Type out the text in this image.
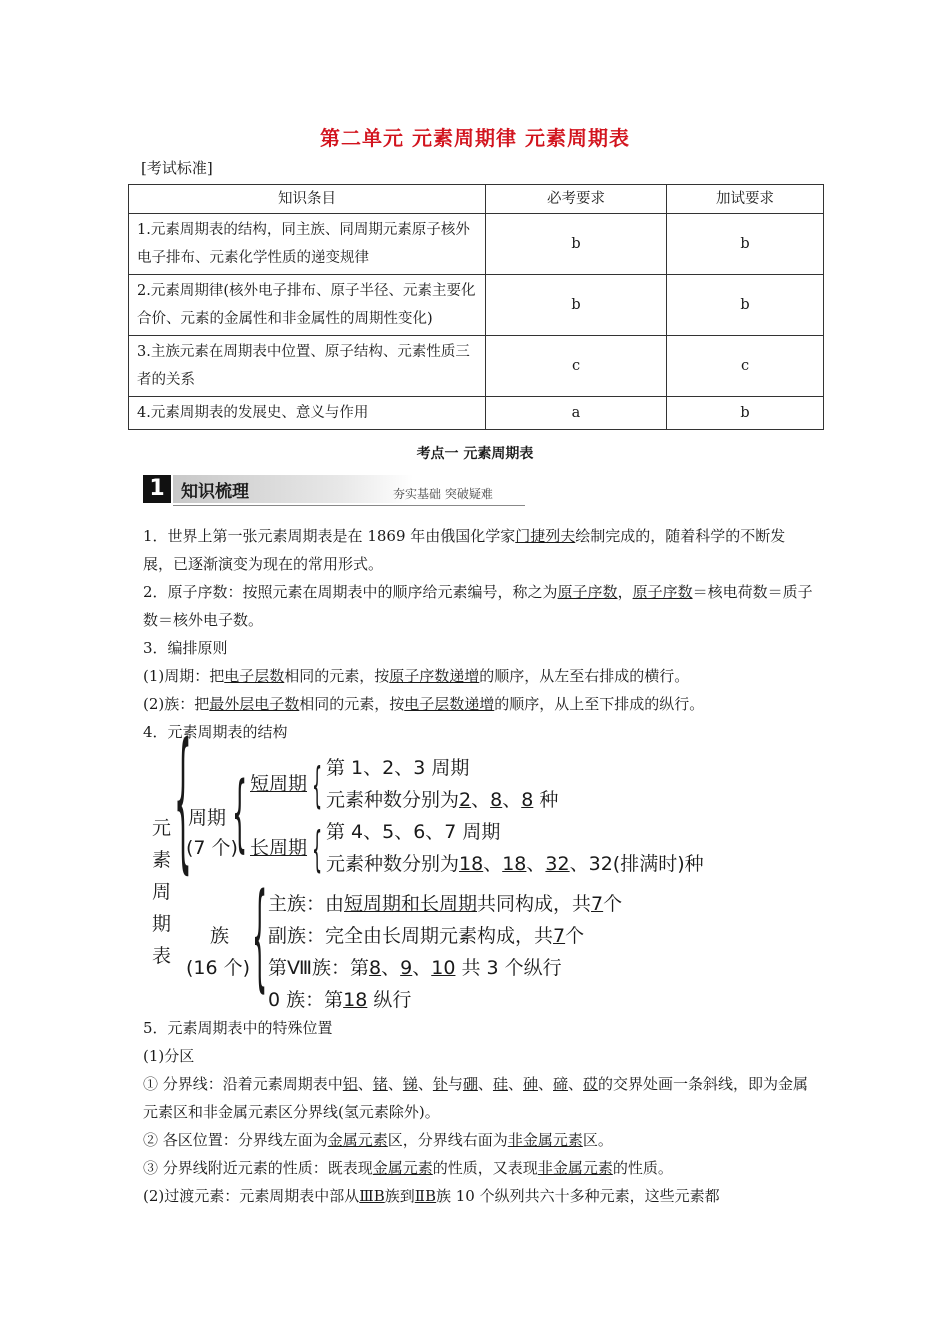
第二单元 元素周期律 元素周期表
[考试标准]
知识条目	必考要求	加试要求
1.元素周期表的结构，同主族、同周期元素原子核外电子排布、元素化学性质的递变规律	b	b
2.元素周期律(核外电子排布、原子半径、元素主要化合价、元素的金属性和非金属性的周期性变化)	b	b
3.主族元素在周期表中位置、原子结构、元素性质三者的关系	c	c
4.元素周期表的发展史、意义与作用	a	b
考点一 元素周期表
1 知识梳理	夯实基础 突破疑难

1．世界上第一张元素周期表是在 1869 年由俄国化学家门捷列夫绘制完成的，随着科学的不断发展，已逐渐演变为现在的常用形式。

2．原子序数：按照元素在周期表中的顺序给元素编号，称之为原子序数，原子序数＝核电荷数＝质子数＝核外电子数。

3．编排原则

(1)周期：把电子层数相同的元素，按原子序数递增的顺序，从左至右排成的横行。

(2)族：把最外层电子数相同的元素，按电子层数递增的顺序，从上至下排成的纵行。

4．元素周期表的结构

元
素
周
期
表
{
周期
(7 个)
{ 短周期 { 第 1、2、3 周期
元素种数分别为2、8、8 种
长周期 { 第 4、5、6、7 周期
元素种数分别为18、18、32、32(排满时)种
族
(16 个) { 主族：由短周期和长周期共同构成，共7个
副族：完全由长周期元素构成，共7个
第Ⅷ族：第8、9、10 共 3 个纵行
0 族：第18 纵行

5．元素周期表中的特殊位置

(1)分区

① 分界线：沿着元素周期表中铝、锗、锑、钋与硼、硅、砷、碲、砹的交界处画一条斜线，即为金属元素区和非金属元素区分界线(氢元素除外)。

② 各区位置：分界线左面为金属元素区，分界线右面为非金属元素区。

③ 分界线附近元素的性质：既表现金属元素的性质，又表现非金属元素的性质。

(2)过渡元素：元素周期表中部从ⅢB族到ⅡB族 10 个纵列共六十多种元素，这些元素都
